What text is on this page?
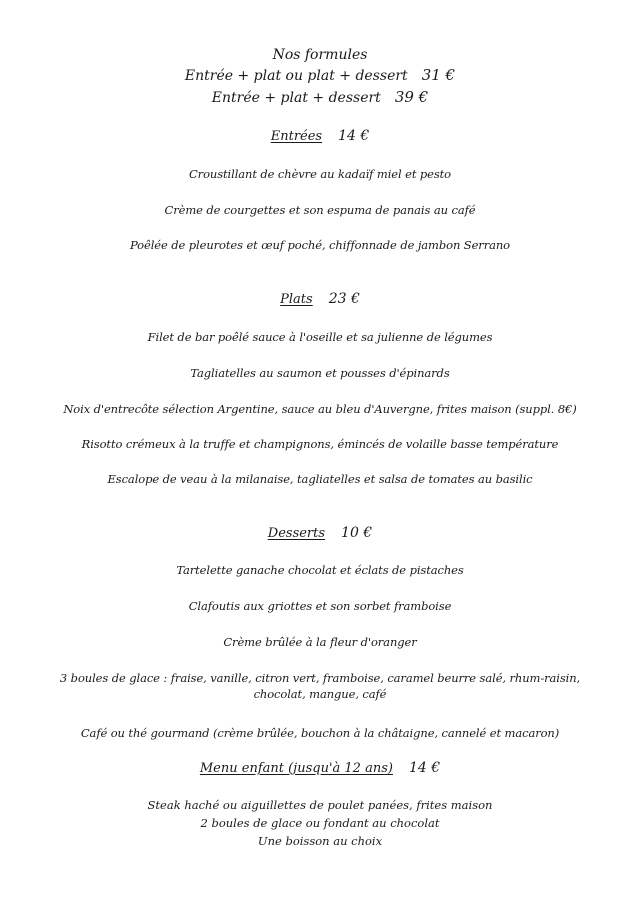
Nos formules
Entrée + plat ou plat + dessert 31 €
Entrée + plat + dessert 39 €
Entrées 14 €
Croustillant de chèvre au kadaïf miel et pesto
Crème de courgettes et son espuma de panais au café
Poêlée de pleurotes et œuf poché, chiffonnade de jambon Serrano
Plats 23 €
Filet de bar poêlé sauce à l'oseille et sa julienne de légumes
Tagliatelles au saumon et pousses d'épinards
Noix d'entrecôte sélection Argentine, sauce au bleu d'Auvergne, frites maison (suppl. 8€)
Risotto crémeux à la truffe et champignons, émincés de volaille basse température
Escalope de veau à la milanaise, tagliatelles et salsa de tomates au basilic
Desserts 10 €
Tartelette ganache chocolat et éclats de pistaches
Clafoutis aux griottes et son sorbet framboise
Crème brûlée à la fleur d'oranger
3 boules de glace : fraise, vanille, citron vert, framboise, caramel beurre salé, rhum-raisin,
chocolat, mangue, café
Café ou thé gourmand (crème brûlée, bouchon à la châtaigne, cannelé et macaron)
Menu enfant (jusqu'à 12 ans) 14 €
Steak haché ou aiguillettes de poulet panées, frites maison
2 boules de glace ou fondant au chocolat
Une boisson au choix
